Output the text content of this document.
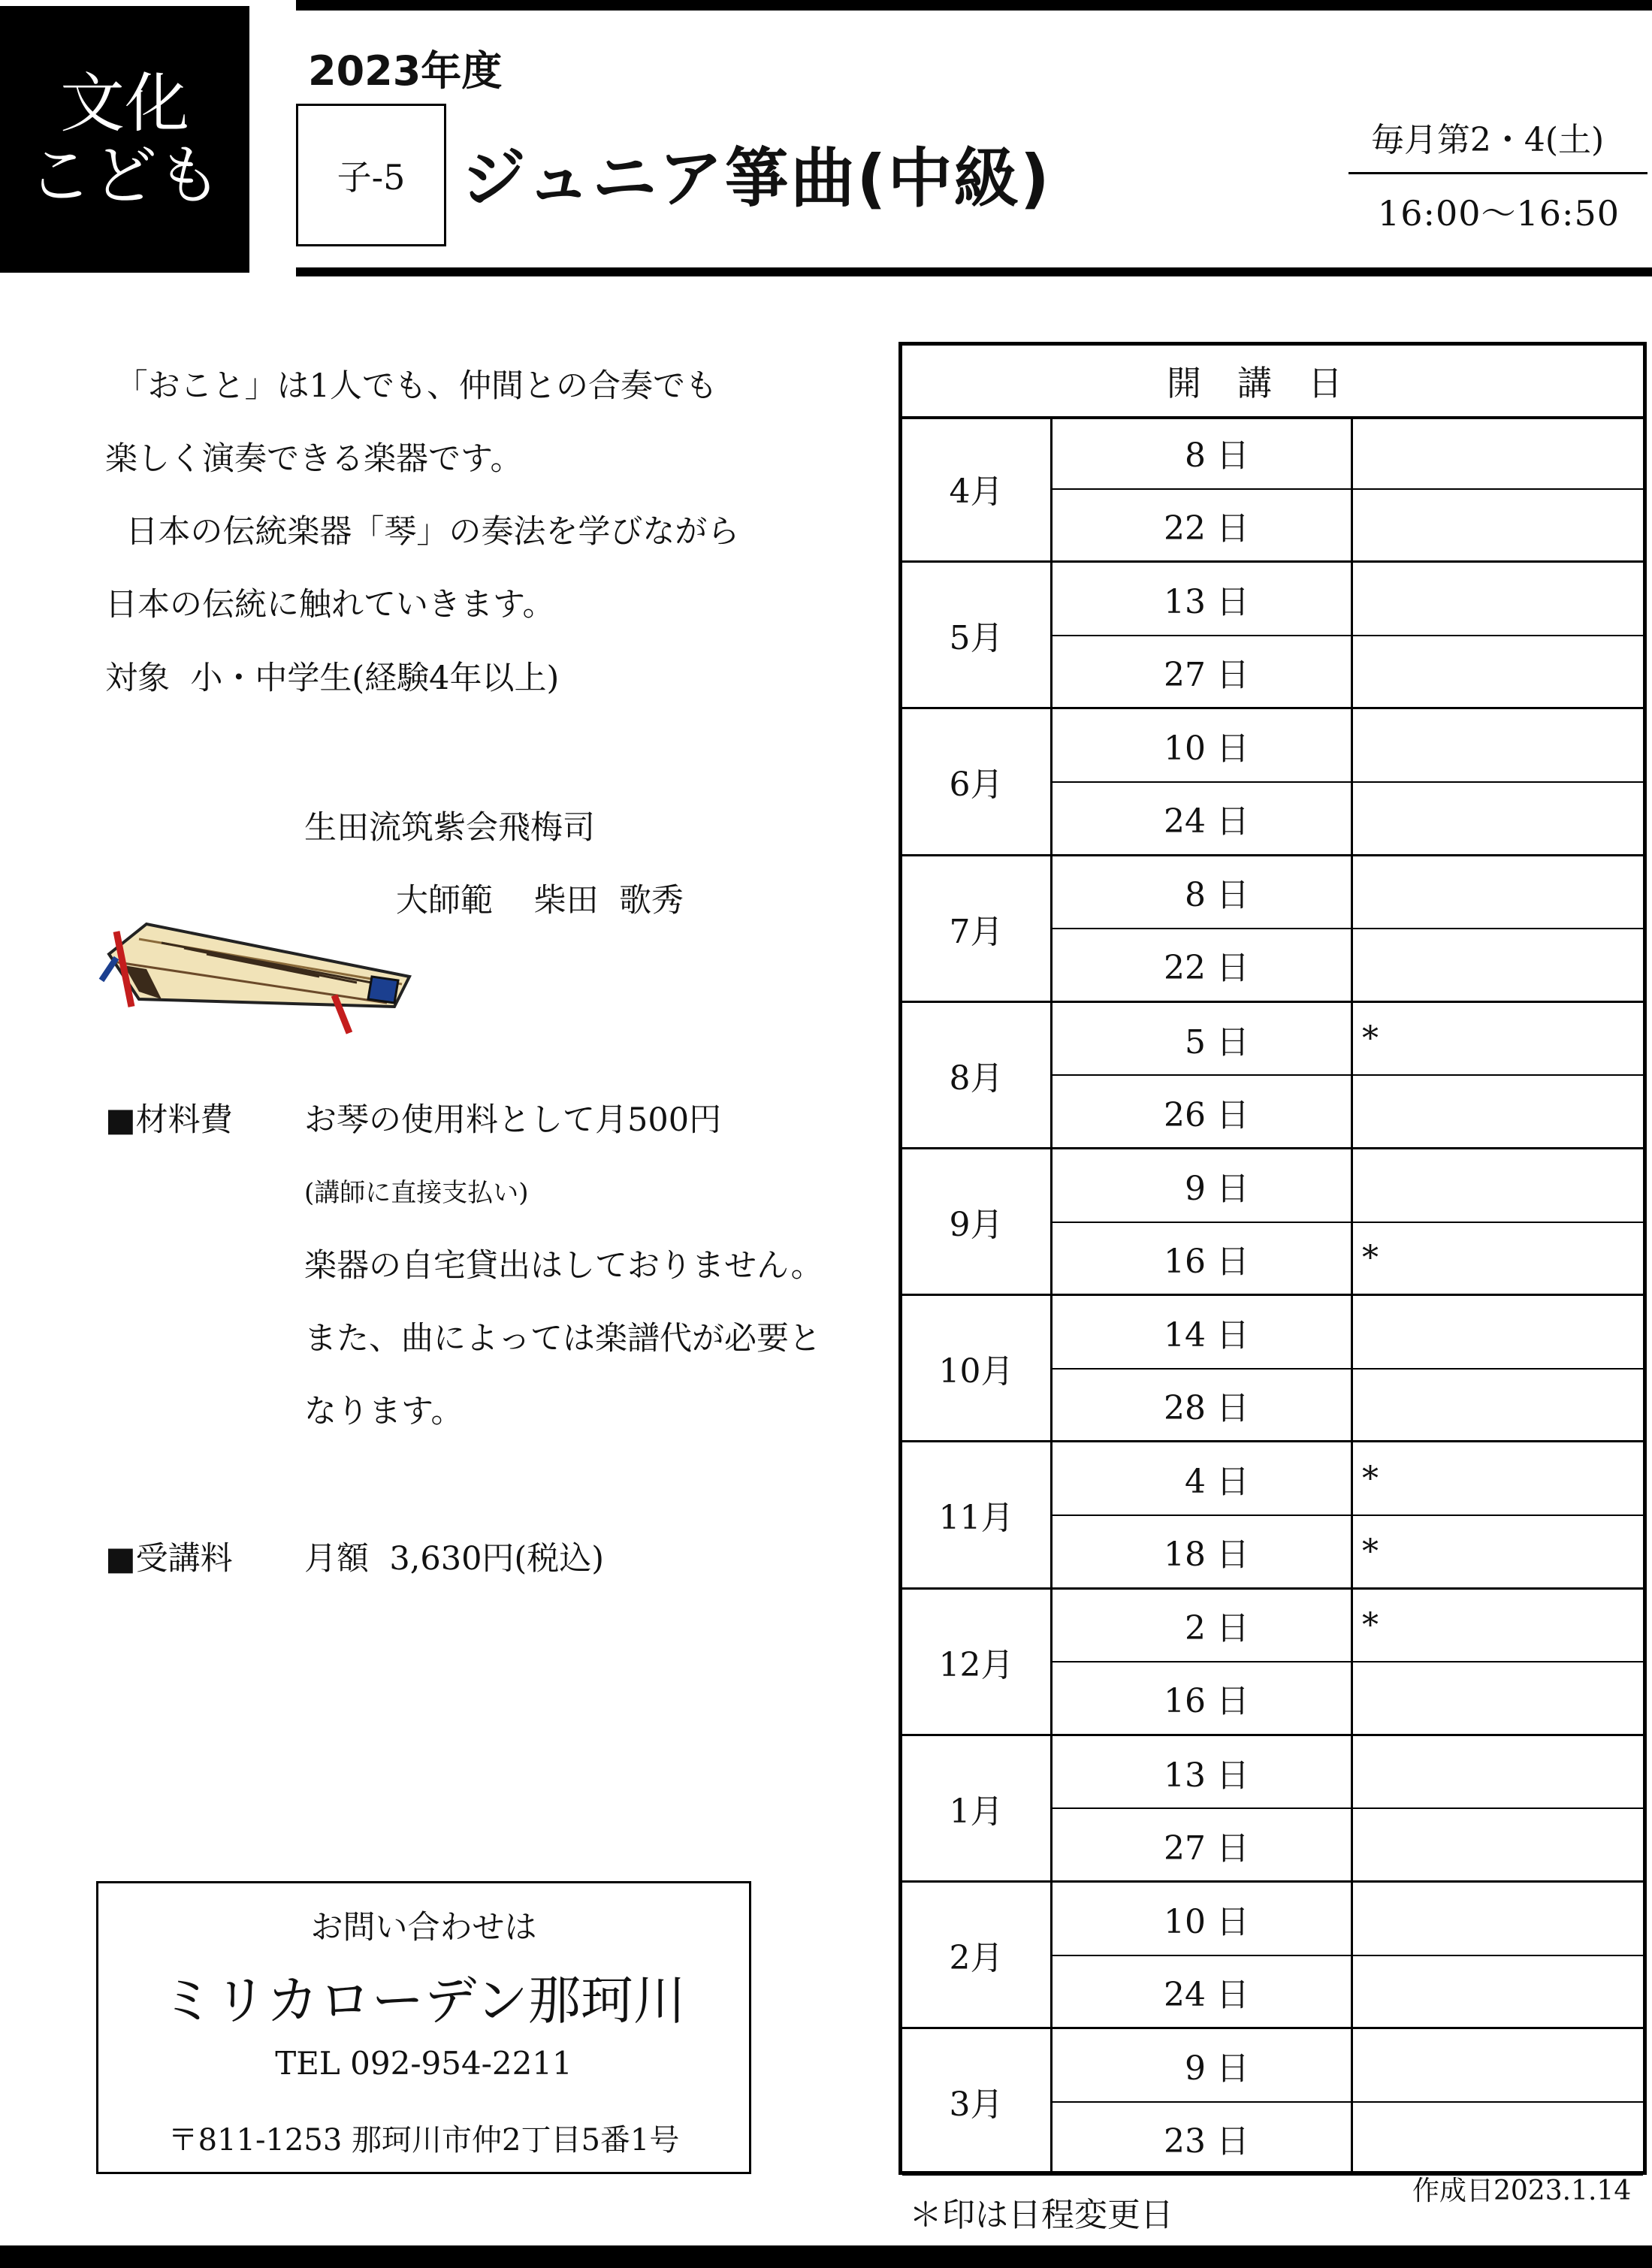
文化
こども
2023年度
子-5 ジュニア箏曲(中級)
毎月第2・4(土)
16:00〜16:50
「おこと」は1人でも、仲間との合奏でも
楽しく演奏できる楽器です。
日本の伝統楽器「琴」の奏法を学びながら
日本の伝統に触れていきます。
対象  小・中学生(経験4年以上)
生田流筑紫会飛梅司
大師範    柴田  歌秀
■材料費 お琴の使用料として月500円
(講師に直接支払い)
楽器の自宅貸出はしておりません。
また、曲によっては楽譜代が必要と
なります。
■受講料 月額  3,630円(税込)
お問い合わせは
ミリカローデン那珂川
TEL 092-954-2211
〒811-1253 那珂川市仲2丁目5番1号
開講日
4月
8 日
22 日
5月
13 日
27 日
6月
10 日
24 日
7月
8 日
22 日
8月
5 日	*
26 日
9月
9 日
16 日	*
10月
14 日
28 日
11月
4 日	*
18 日	*
12月
2 日	*
16 日
1月
13 日
27 日
2月
10 日
24 日
3月
9 日
23 日
＊印は日程変更日
作成日2023.1.14
